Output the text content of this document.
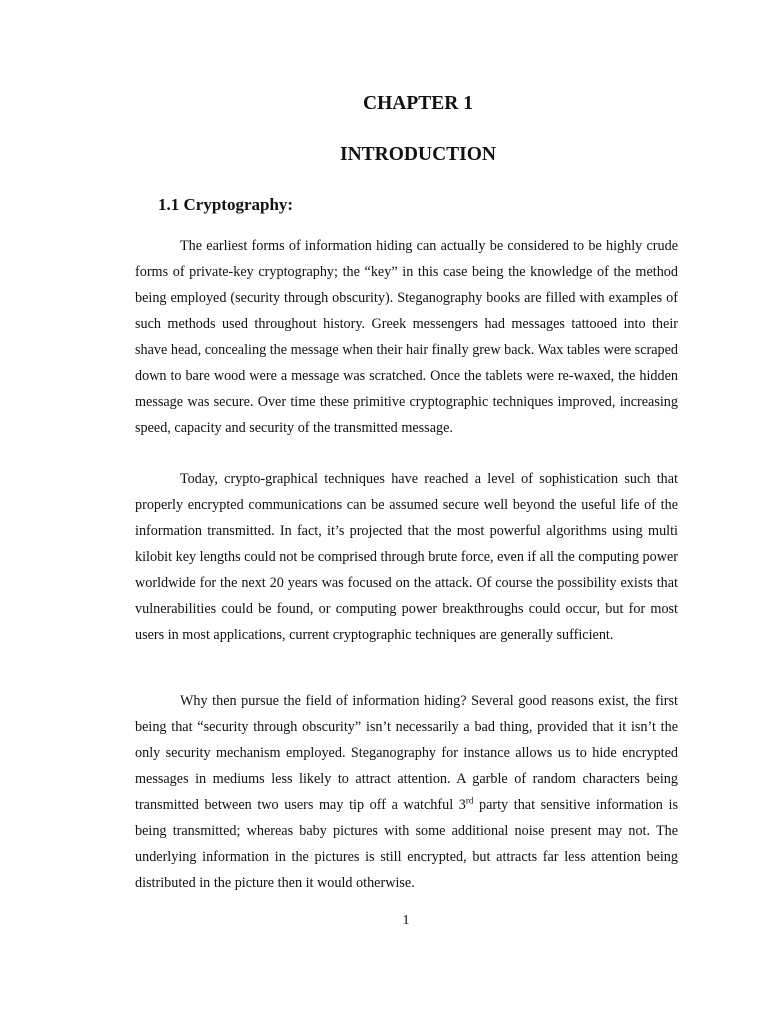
CHAPTER 1
INTRODUCTION
1.1 Cryptography:

The earliest forms of information hiding can actually be considered to be highly crude forms of private-key cryptography; the “key” in this case being the knowledge of the method being employed (security through obscurity). Steganography books are filled with examples of such methods used throughout history. Greek messengers had messages tattooed into their shave head, concealing the message when their hair finally grew back. Wax tables were scraped down to bare wood were a message was scratched. Once the tablets were re-waxed, the hidden message was secure. Over time these primitive cryptographic techniques improved, increasing speed, capacity and security of the transmitted message.

Today, crypto-graphical techniques have reached a level of sophistication such that properly encrypted communications can be assumed secure well beyond the useful life of the information transmitted. In fact, it’s projected that the most powerful algorithms using multi kilobit key lengths could not be comprised through brute force, even if all the computing power worldwide for the next 20 years was focused on the attack. Of course the possibility exists that vulnerabilities could be found, or computing power breakthroughs could occur, but for most users in most applications, current cryptographic techniques are generally sufficient.

Why then pursue the field of information hiding? Several good reasons exist, the first being that “security through obscurity” isn’t necessarily a bad thing, provided that it isn’t the only security mechanism employed. Steganography for instance allows us to hide encrypted messages in mediums less likely to attract attention. A garble of random characters being transmitted between two users may tip off a watchful 3rd party that sensitive information is being transmitted; whereas baby pictures with some additional noise present may not. The underlying information in the pictures is still encrypted, but attracts far less attention being distributed in the picture then it would otherwise.

1
